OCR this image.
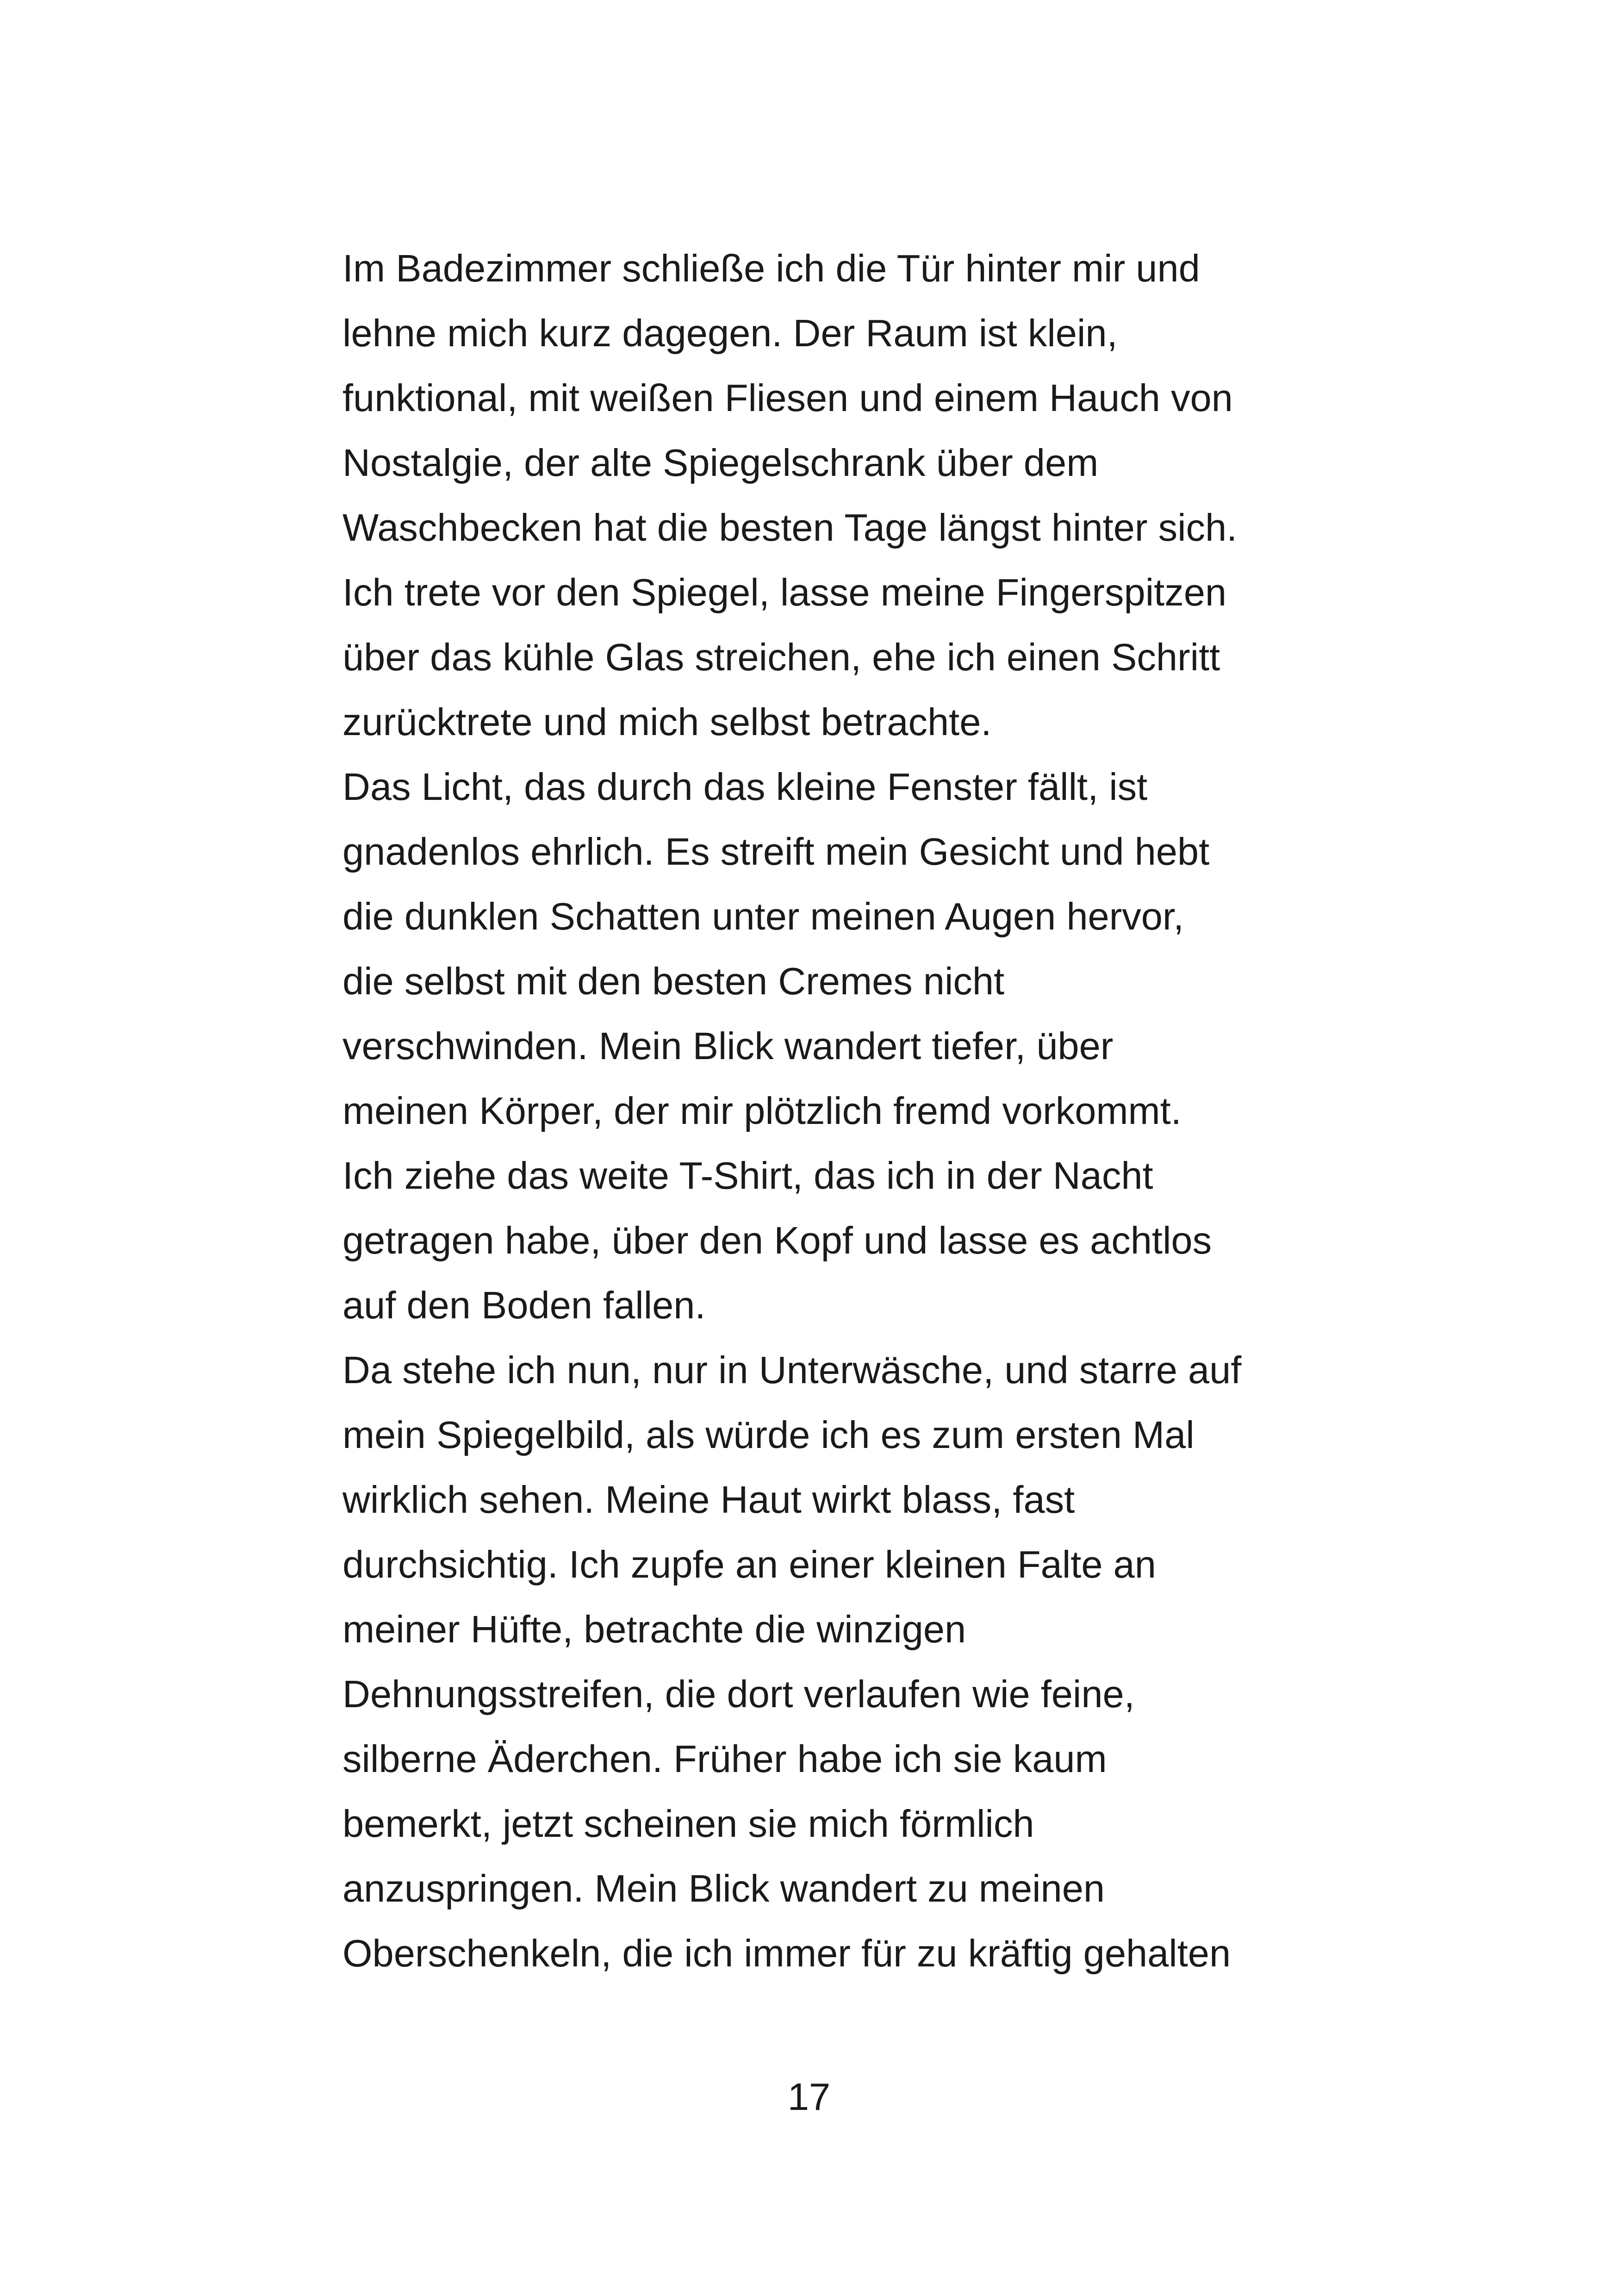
Im Badezimmer schließe ich die Tür hinter mir und
lehne mich kurz dagegen. Der Raum ist klein,
funktional, mit weißen Fliesen und einem Hauch von
Nostalgie, der alte Spiegelschrank über dem
Waschbecken hat die besten Tage längst hinter sich.
Ich trete vor den Spiegel, lasse meine Fingerspitzen
über das kühle Glas streichen, ehe ich einen Schritt
zurücktrete und mich selbst betrachte.
Das Licht, das durch das kleine Fenster fällt, ist
gnadenlos ehrlich. Es streift mein Gesicht und hebt
die dunklen Schatten unter meinen Augen hervor,
die selbst mit den besten Cremes nicht
verschwinden. Mein Blick wandert tiefer, über
meinen Körper, der mir plötzlich fremd vorkommt.
Ich ziehe das weite T-Shirt, das ich in der Nacht
getragen habe, über den Kopf und lasse es achtlos
auf den Boden fallen.
Da stehe ich nun, nur in Unterwäsche, und starre auf
mein Spiegelbild, als würde ich es zum ersten Mal
wirklich sehen. Meine Haut wirkt blass, fast
durchsichtig. Ich zupfe an einer kleinen Falte an
meiner Hüfte, betrachte die winzigen
Dehnungsstreifen, die dort verlaufen wie feine,
silberne Äderchen. Früher habe ich sie kaum
bemerkt, jetzt scheinen sie mich förmlich
anzuspringen. Mein Blick wandert zu meinen
Oberschenkeln, die ich immer für zu kräftig gehalten
17
